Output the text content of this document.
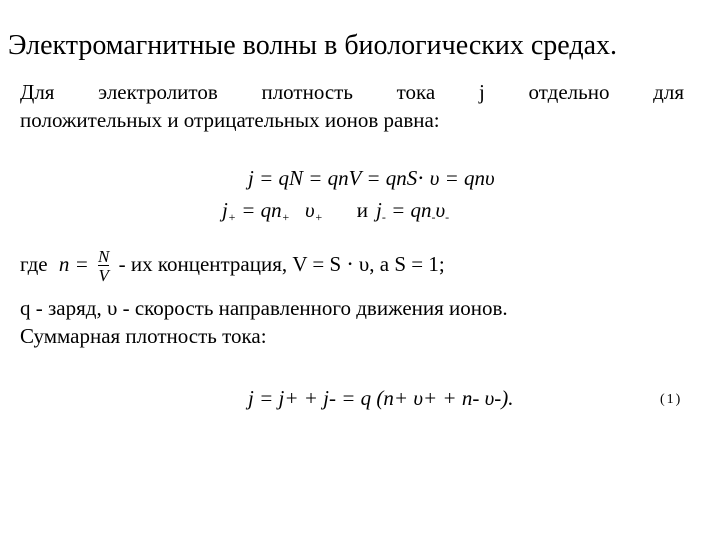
Электромагнитные волны в биологических средах.
Для электролитов плотность тока j отдельно для
положительных и отрицательных ионов равна:
j = qN = qnV = qnS⋅ υ = qnυ
j+ = qn+ υ+ и j- = qn-υ-
где $n = \frac{N}{V}$ - их концентрация, V = S ⋅ υ, а S = 1;
q - заряд, υ - скорость направленного движения ионов.
Суммарная плотность тока:
j = j+ + j- = q (n+ υ+ + n- υ-).	(1)
